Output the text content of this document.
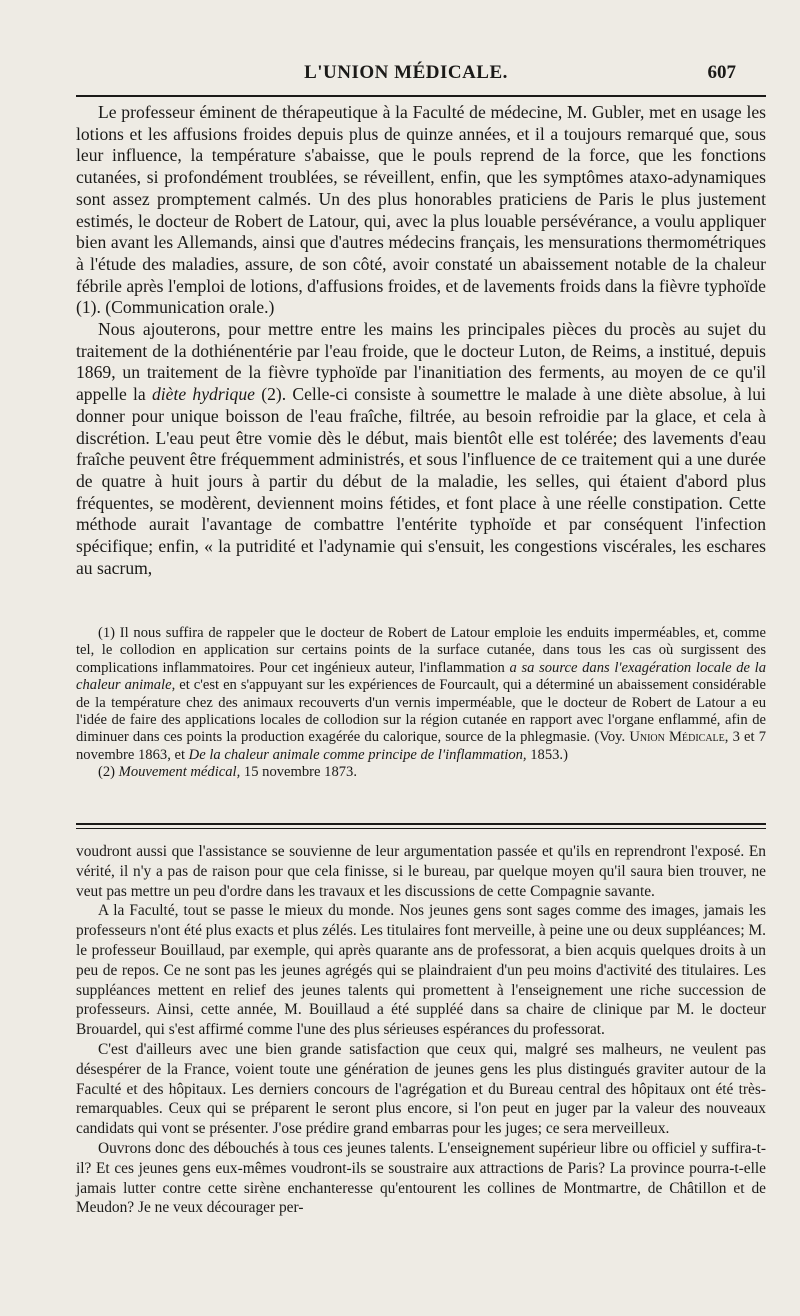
L'UNION MÉDICALE.	607

Le professeur éminent de thérapeutique à la Faculté de médecine, M. Gubler, met en usage les lotions et les affusions froides depuis plus de quinze années, et il a toujours remarqué que, sous leur influence, la température s'abaisse, que le pouls reprend de la force, que les fonctions cutanées, si profondément troublées, se réveillent, enfin, que les symptômes ataxo-adynamiques sont assez promptement calmés. Un des plus honorables praticiens de Paris le plus justement estimés, le docteur de Robert de Latour, qui, avec la plus louable persévérance, a voulu appliquer bien avant les Allemands, ainsi que d'autres médecins français, les mensurations thermométriques à l'étude des maladies, assure, de son côté, avoir constaté un abaissement notable de la chaleur fébrile après l'emploi de lotions, d'affusions froides, et de lavements froids dans la fièvre typhoïde (1). (Communication orale.)

Nous ajouterons, pour mettre entre les mains les principales pièces du procès au sujet du traitement de la dothiénentérie par l'eau froide, que le docteur Luton, de Reims, a institué, depuis 1869, un traitement de la fièvre typhoïde par l'inanitiation des ferments, au moyen de ce qu'il appelle la diète hydrique (2). Celle-ci consiste à soumettre le malade à une diète absolue, à lui donner pour unique boisson de l'eau fraîche, filtrée, au besoin refroidie par la glace, et cela à discrétion. L'eau peut être vomie dès le début, mais bientôt elle est tolérée; des lavements d'eau fraîche peuvent être fréquemment administrés, et sous l'influence de ce traitement qui a une durée de quatre à huit jours à partir du début de la maladie, les selles, qui étaient d'abord plus fréquentes, se modèrent, deviennent moins fétides, et font place à une réelle constipation. Cette méthode aurait l'avantage de combattre l'entérite typhoïde et par conséquent l'infection spécifique; enfin, « la putridité et l'adynamie qui s'ensuit, les congestions viscérales, les eschares au sacrum,

(1) Il nous suffira de rappeler que le docteur de Robert de Latour emploie les enduits imperméables, et, comme tel, le collodion en application sur certains points de la surface cutanée, dans tous les cas où surgissent des complications inflammatoires. Pour cet ingénieux auteur, l'inflammation a sa source dans l'exagération locale de la chaleur animale, et c'est en s'appuyant sur les expériences de Fourcault, qui a déterminé un abaissement considérable de la température chez des animaux recouverts d'un vernis imperméable, que le docteur de Robert de Latour a eu l'idée de faire des applications locales de collodion sur la région cutanée en rapport avec l'organe enflammé, afin de diminuer dans ces points la production exagérée du calorique, source de la phlegmasie. (Voy. Union Médicale, 3 et 7 novembre 1863, et De la chaleur animale comme principe de l'inflammation, 1853.)

(2) Mouvement médical, 15 novembre 1873.

voudront aussi que l'assistance se souvienne de leur argumentation passée et qu'ils en reprendront l'exposé. En vérité, il n'y a pas de raison pour que cela finisse, si le bureau, par quelque moyen qu'il saura bien trouver, ne veut pas mettre un peu d'ordre dans les travaux et les discussions de cette Compagnie savante.

A la Faculté, tout se passe le mieux du monde. Nos jeunes gens sont sages comme des images, jamais les professeurs n'ont été plus exacts et plus zélés. Les titulaires font merveille, à peine une ou deux suppléances; M. le professeur Bouillaud, par exemple, qui après quarante ans de professorat, a bien acquis quelques droits à un peu de repos. Ce ne sont pas les jeunes agrégés qui se plaindraient d'un peu moins d'activité des titulaires. Les suppléances mettent en relief des jeunes talents qui promettent à l'enseignement une riche succession de professeurs. Ainsi, cette année, M. Bouillaud a été suppléé dans sa chaire de clinique par M. le docteur Brouardel, qui s'est affirmé comme l'une des plus sérieuses espérances du professorat.

C'est d'ailleurs avec une bien grande satisfaction que ceux qui, malgré ses malheurs, ne veulent pas désespérer de la France, voient toute une génération de jeunes gens les plus distingués graviter autour de la Faculté et des hôpitaux. Les derniers concours de l'agrégation et du Bureau central des hôpitaux ont été très-remarquables. Ceux qui se préparent le seront plus encore, si l'on peut en juger par la valeur des nouveaux candidats qui vont se présenter. J'ose prédire grand embarras pour les juges; ce sera merveilleux.

Ouvrons donc des débouchés à tous ces jeunes talents. L'enseignement supérieur libre ou officiel y suffira-t-il? Et ces jeunes gens eux-mêmes voudront-ils se soustraire aux attractions de Paris? La province pourra-t-elle jamais lutter contre cette sirène enchanteresse qu'entourent les collines de Montmartre, de Châtillon et de Meudon? Je ne veux décourager per-
